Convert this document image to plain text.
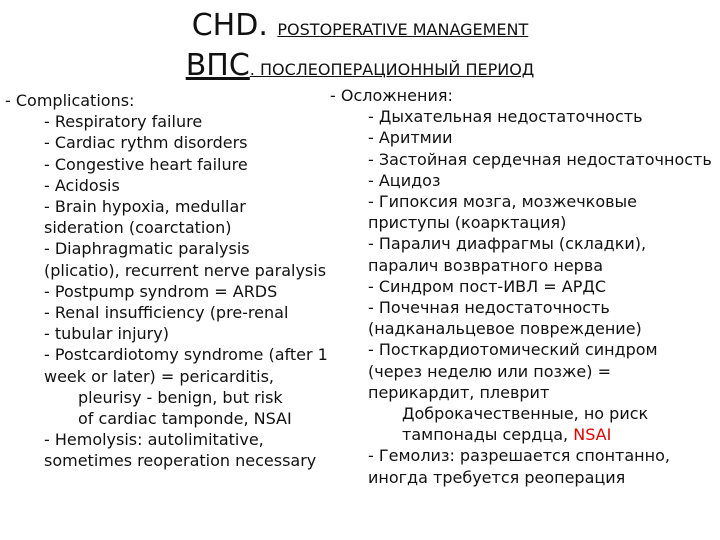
CHD. POSTOPERATIVE MANAGEMENT
ВПС. ПОСЛЕОПЕРАЦИОННЫЙ ПЕРИОД
- Complications:
- Respiratory failure
- Cardiac rythm disorders
- Congestive heart failure
- Acidosis
- Brain hypoxia, medullar sideration (coarctation)
- Diaphragmatic paralysis (plicatio), recurrent nerve paralysis
- Postpump syndrom = ARDS
- Renal insufficiency (pre-renal
- tubular injury)
- Postcardiotomy syndrome (after 1 week or later) = pericarditis,
pleurisy - benign, but risk
of cardiac tamponde, NSAI
- Hemolysis: autolimitative, sometimes reoperation necessary
- Осложнения:
- Дыхательная недостаточность
- Аритмии
- Застойная сердечная недостаточность
- Ацидоз
- Гипоксия мозга, мозжечковые приступы (коарктация)
- Паралич диафрагмы (складки), паралич возвратного нерва
- Синдром пост-ИВЛ = АРДС
- Почечная недостаточность (надканальцевое повреждение)
- Посткардиотомический синдром (через неделю или позже) = перикардит, плеврит
Доброкачественные, но риск
тампонады сердца, NSAI
- Гемолиз: разрешается спонтанно, иногда требуется реоперация
